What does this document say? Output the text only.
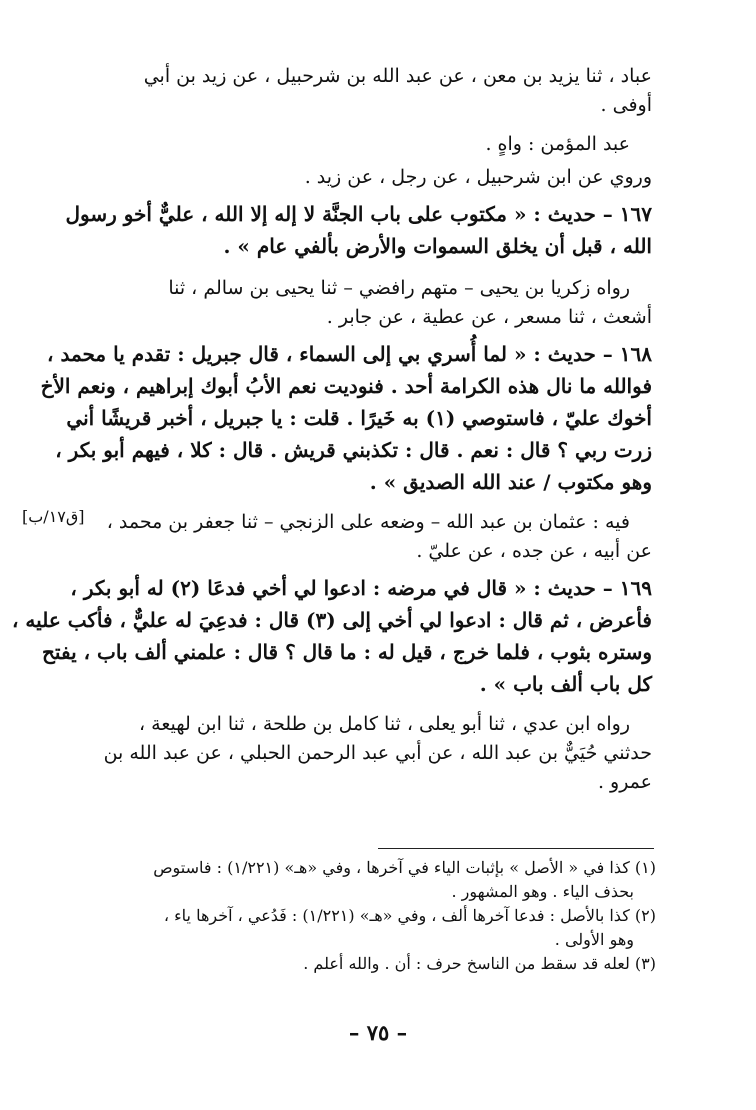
عباد ، ثنا يزيد بن معن ، عن عبد الله بن شرحبيل ، عن زيد بن أبي
أوفى .
عبد المؤمن : واهٍ .
وروي عن ابن شرحبيل ، عن رجل ، عن زيد .
١٦٧ – حديث : « مكتوب على باب الجنَّة لا إله إلا الله ، عليٌّ أخو رسول
الله ، قبل أن يخلق السموات والأرض بألفي عام » .
رواه زكريا بن يحيى – متهم رافضي – ثنا يحيى بن سالم ، ثنا
أشعث ، ثنا مسعر ، عن عطية ، عن جابر .
١٦٨ – حديث : « لما أُسري بي إلى السماء ، قال جبريل : تقدم يا محمد ،
فوالله ما نال هذه الكرامة أحد . فنوديت نعم الأبُ أبوك إبراهيم ، ونعم الأخ
أخوك عليّ ، فاستوصي (١) به خَيرًا . قلت : يا جبريل ، أخبر قريشًا أني
زرت ربي ؟ قال : نعم . قال : تكذبني قريش . قال : كلا ، فيهم أبو بكر ،
وهو مكتوب / عند الله الصديق » .
فيه : عثمان بن عبد الله – وضعه على الزنجي – ثنا جعفر بن محمد ،
عن أبيه ، عن جده ، عن عليّ .
١٦٩ – حديث : « قال في مرضه : ادعوا لي أخي فدعَا (٢) له أبو بكر ،
فأعرض ، ثم قال : ادعوا لي أخي إلى (٣) قال : فدعِيَ له عليٌّ ، فأكب عليه ،
وستره بثوب ، فلما خرج ، قيل له : ما قال ؟ قال : علمني ألف باب ، يفتح
كل باب ألف باب » .
رواه ابن عدي ، ثنا أبو يعلى ، ثنا كامل بن طلحة ، ثنا ابن لهيعة ،
حدثني حُيَيٌّ بن عبد الله ، عن أبي عبد الرحمن الحبلي ، عن عبد الله بن
عمرو .
[ق١٧/ب]
(١) كذا في « الأصل » بإثبات الياء في آخرها ، وفي «هـ» (١/٢٢١) : فاستوص
بحذف الياء . وهو المشهور .
(٢) كذا بالأصل : فدعا آخرها ألف ، وفي «هـ» (١/٢٢١) : فَدُعي ، آخرها ياء ،
وهو الأولى .
(٣) لعله قد سقط من الناسخ حرف : أن . والله أعلم .
– ٧٥ –
